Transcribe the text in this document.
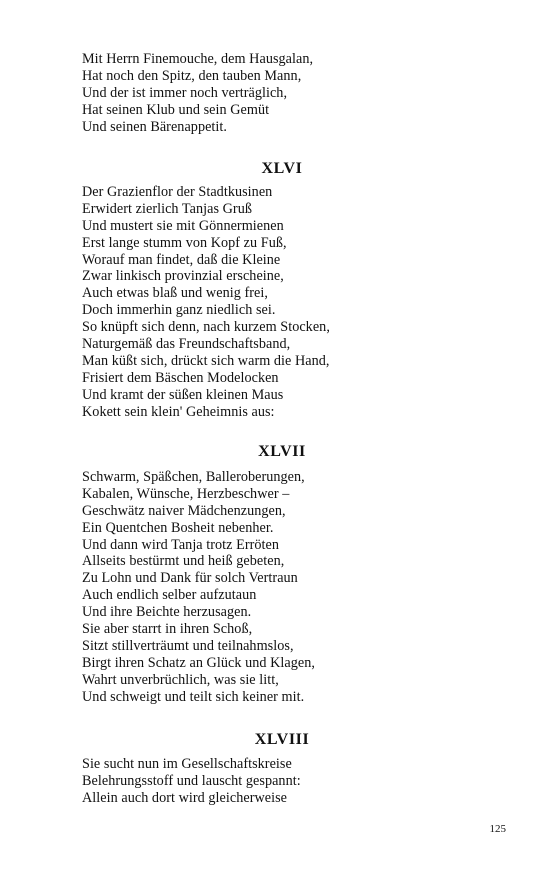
Mit Herrn Finemouche, dem Hausgalan,
Hat noch den Spitz, den tauben Mann,
Und der ist immer noch verträglich,
Hat seinen Klub und sein Gemüt
Und seinen Bärenappetit.
XLVI
Der Grazienflor der Stadtkusinen
Erwidert zierlich Tanjas Gruß
Und mustert sie mit Gönnermienen
Erst lange stumm von Kopf zu Fuß,
Worauf man findet, daß die Kleine
Zwar linkisch provinzial erscheine,
Auch etwas blaß und wenig frei,
Doch immerhin ganz niedlich sei.
So knüpft sich denn, nach kurzem Stocken,
Naturgemäß das Freundschaftsband,
Man küßt sich, drückt sich warm die Hand,
Frisiert dem Bäschen Modelocken
Und kramt der süßen kleinen Maus
Kokett sein klein' Geheimnis aus:
XLVII
Schwarm, Späßchen, Balleroberungen,
Kabalen, Wünsche, Herzbeschwer –
Geschwätz naiver Mädchenzungen,
Ein Quentchen Bosheit nebenher.
Und dann wird Tanja trotz Erröten
Allseits bestürmt und heiß gebeten,
Zu Lohn und Dank für solch Vertraun
Auch endlich selber aufzutaun
Und ihre Beichte herzusagen.
Sie aber starrt in ihren Schoß,
Sitzt stillverträumt und teilnahmslos,
Birgt ihren Schatz an Glück und Klagen,
Wahrt unverbrüchlich, was sie litt,
Und schweigt und teilt sich keiner mit.
XLVIII
Sie sucht nun im Gesellschaftskreise
Belehrungsstoff und lauscht gespannt:
Allein auch dort wird gleicherweise
125
